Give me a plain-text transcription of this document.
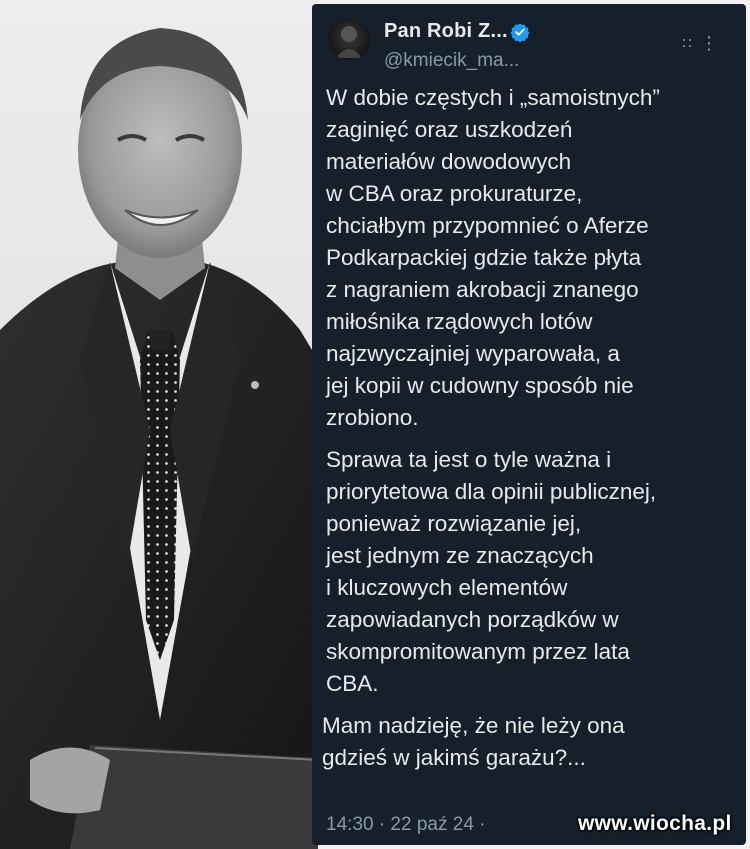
Pan Robi Z...
@kmiecik_ma...
⋮

W dobie częstych i „samoistnych”
zaginięć oraz uszkodzeń
materiałów dowodowych
w CBA oraz prokuraturze,
chciałbym przypomnieć o Aferze
Podkarpackiej gdzie także płyta
z nagraniem akrobacji znanego
miłośnika rządowych lotów
najzwyczajniej wyparowała, a
jej kopii w cudowny sposób nie
zrobiono.

Sprawa ta jest o tyle ważna i
priorytetowa dla opinii publicznej,
ponieważ rozwiązanie jej,
jest jednym ze znaczących
i kluczowych elementów
zapowiadanych porządków w
skompromitowanym przez lata
CBA.

Mam nadzieję, że nie leży ona
gdzieś w jakimś garażu?...

14:30 · 22 paź 24 ·	www.wiocha.pl
